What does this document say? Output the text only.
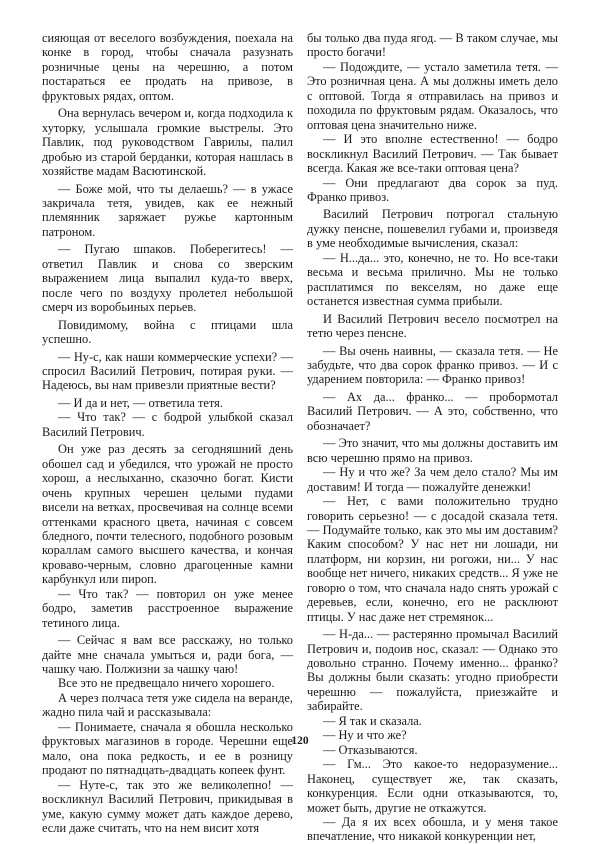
сияющая от веселого возбуждения, поехала на конке в город, чтобы сначала разузнать розничные цены на черешню, а потом постараться ее продать на привозе, в фруктовых рядах, оптом.

Она вернулась вечером и, когда подходила к хуторку, услышала громкие выстрелы. Это Павлик, под руководством Гаврилы, палил дробью из старой берданки, которая нашлась в хозяйстве мадам Васютинской.

— Боже мой, что ты делаешь? — в ужасе закричала тетя, увидев, как ее нежный племянник заряжает ружье картонным патроном.

— Пугаю шпаков. Поберегитесь! — ответил Павлик и снова со зверским выражением лица выпалил куда-то вверх, после чего по воздуху пролетел небольшой смерч из воробьиных перьев.

Повидимому, война с птицами шла успешно.

— Ну-с, как наши коммерческие успехи? — спросил Василий Петрович, потирая руки. — Надеюсь, вы нам привезли приятные вести?

— И да и нет, — ответила тетя.

— Что так? — с бодрой улыбкой сказал Василий Петрович.

Он уже раз десять за сегодняшний день обошел сад и убедился, что урожай не просто хорош, а неслыханно, сказочно богат. Кисти очень крупных черешен целыми пудами висели на ветках, просвечивая на солнце всеми оттенками красного цвета, начиная с совсем бледного, почти телесного, подобного розовым кораллам самого высшего качества, и кончая кроваво-черным, словно драгоценные камни карбункул или пироп.

— Что так? — повторил он уже менее бодро, заметив расстроенное выражение тетиного лица.

— Сейчас я вам все расскажу, но только дайте мне сначала умыться и, ради бога, — чашку чаю. Полжизни за чашку чаю!

Все это не предвещало ничего хорошего.

А через полчаса тетя уже сидела на веранде, жадно пила чай и рассказывала:

— Понимаете, сначала я обошла несколько фруктовых магазинов в городе. Черешни еще мало, она пока редкость, и ее в розницу продают по пятнадцать-двадцать копеек фунт.

— Нуте-с, так это же великолепно! — воскликнул Василий Петрович, прикидывая в уме, какую сумму может дать каждое дерево, если даже считать, что на нем висит хотя

бы только два пуда ягод. — В таком случае, мы просто богачи!

— Подождите, — устало заметила тетя. — Это розничная цена. А мы должны иметь дело с оптовой. Тогда я отправилась на привоз и походила по фруктовым рядам. Оказалось, что оптовая цена значительно ниже.

— И это вполне естественно! — бодро воскликнул Василий Петрович. — Так бывает всегда. Какая же все-таки оптовая цена?

— Они предлагают два сорок за пуд. Франко привоз.

Василий Петрович потрогал стальную дужку пенсне, пошевелил губами и, произведя в уме необходимые вычисления, сказал:

— Н...да... это, конечно, не то. Но все-таки весьма и весьма прилично. Мы не только расплатимся по векселям, но даже еще останется известная сумма прибыли.

И Василий Петрович весело посмотрел на тетю через пенсне.

— Вы очень наивны, — сказала тетя. — Не забудьте, что два сорок франко привоз. — И с ударением повторила: — Франко привоз!

— Ах да... франко... — пробормотал Василий Петрович. — А это, собственно, что обозначает?

— Это значит, что мы должны доставить им всю черешню прямо на привоз.

— Ну и что же? За чем дело стало? Мы им доставим! И тогда — пожалуйте денежки!

— Нет, с вами положительно трудно говорить серьезно! — с досадой сказала тетя. — Подумайте только, как это мы им доставим? Каким способом? У нас нет ни лошади, ни платформ, ни корзин, ни рогожи, ни... У нас вообще нет ничего, никаких средств... Я уже не говорю о том, что сначала надо снять урожай с деревьев, если, конечно, его не расклюют птицы. У нас даже нет стремянок...

— Н-да... — растерянно промычал Василий Петрович и, подоив нос, сказал: — Однако это довольно странно. Почему именно... франко? Вы должны были сказать: угодно приобрести черешню — пожалуйста, приезжайте и забирайте.

— Я так и сказала.

— Ну и что же?

— Отказываются.

— Гм... Это какое-то недоразумение... Наконец, существует же, так сказать, конкуренция. Если одни отказываются, то, может быть, другие не откажутся.

— Да я их всех обошла, и у меня такое впечатление, что никакой конкуренции нет,

120
